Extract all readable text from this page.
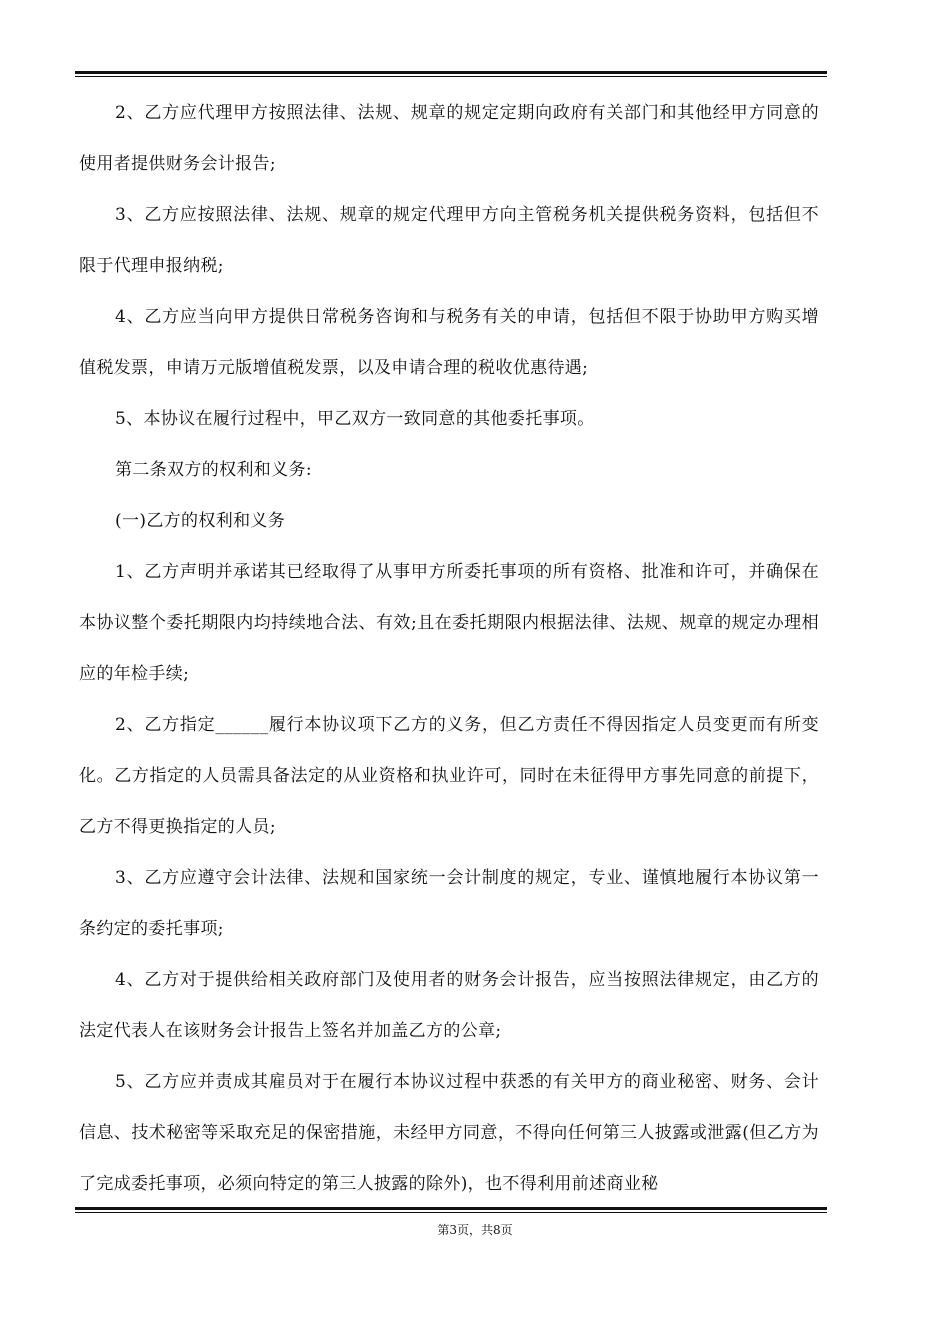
2、乙方应代理甲方按照法律、法规、规章的规定定期向政府有关部门和其他经甲方同意的使用者提供财务会计报告;

3、乙方应按照法律、法规、规章的规定代理甲方向主管税务机关提供税务资料，包括但不限于代理申报纳税;

4、乙方应当向甲方提供日常税务咨询和与税务有关的申请，包括但不限于协助甲方购买增值税发票，申请万元版增值税发票，以及申请合理的税收优惠待遇;

5、本协议在履行过程中，甲乙双方一致同意的其他委托事项。

第二条双方的权利和义务:

(一)乙方的权利和义务

1、乙方声明并承诺其已经取得了从事甲方所委托事项的所有资格、批准和许可，并确保在本协议整个委托期限内均持续地合法、有效;且在委托期限内根据法律、法规、规章的规定办理相应的年检手续;

2、乙方指定______履行本协议项下乙方的义务，但乙方责任不得因指定人员变更而有所变化。乙方指定的人员需具备法定的从业资格和执业许可，同时在未征得甲方事先同意的前提下，乙方不得更换指定的人员;

3、乙方应遵守会计法律、法规和国家统一会计制度的规定，专业、谨慎地履行本协议第一条约定的委托事项;

4、乙方对于提供给相关政府部门及使用者的财务会计报告，应当按照法律规定，由乙方的法定代表人在该财务会计报告上签名并加盖乙方的公章;

5、乙方应并责成其雇员对于在履行本协议过程中获悉的有关甲方的商业秘密、财务、会计信息、技术秘密等采取充足的保密措施，未经甲方同意，不得向任何第三人披露或泄露(但乙方为了完成委托事项，必须向特定的第三人披露的除外)，也不得利用前述商业秘

第3页，共8页
